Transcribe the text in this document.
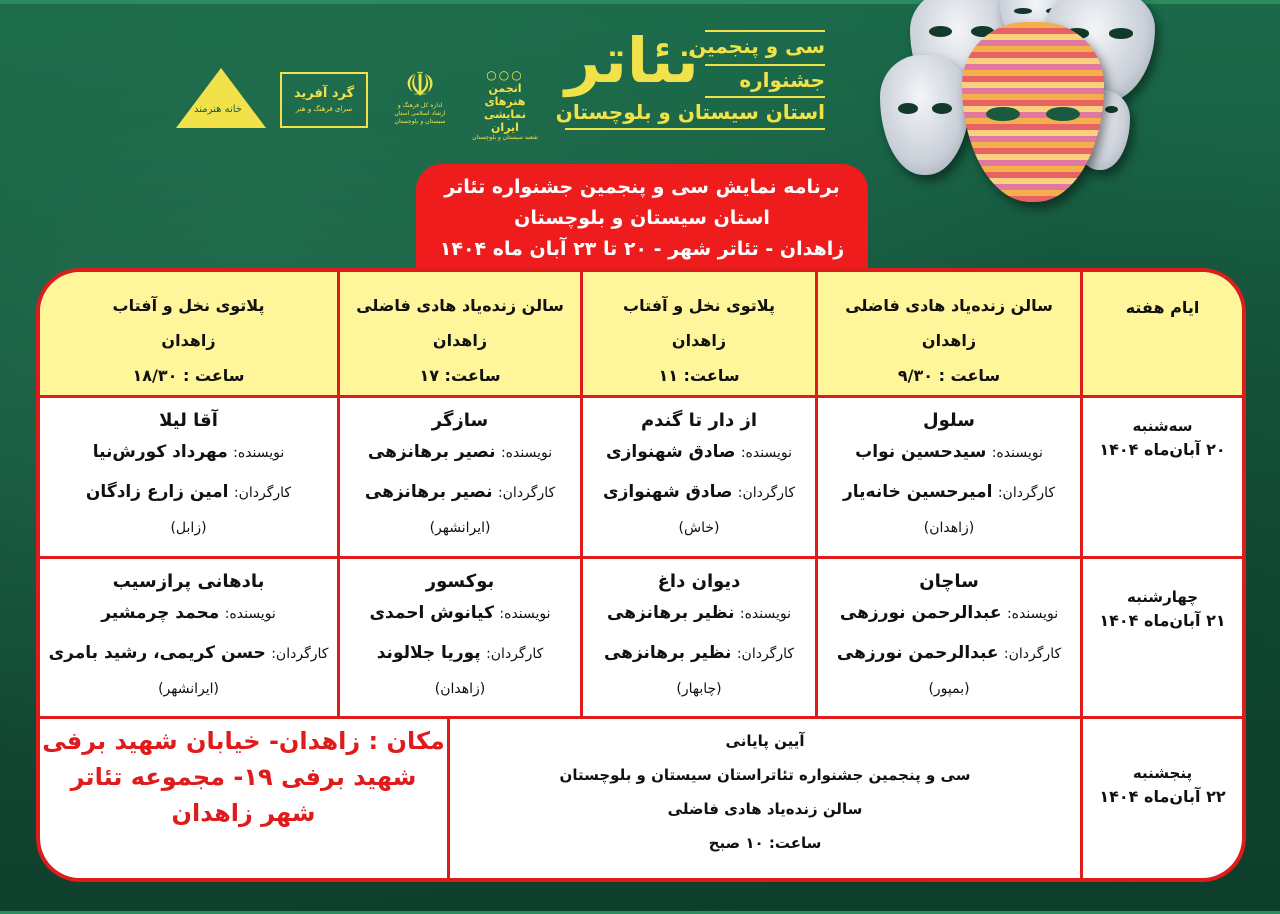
تئاتر
سی و پنجمین
جشنواره
استان سیستان و بلوچستان
خانه هنرمند
گرد آفرید
سرای فرهنگ و هنر
☫
اداره کل فرهنگ و ارشاد اسلامی استان سیستان و بلوچستان
○○○
انجمن هنرهای نمایشی ایران
شعبه سیستان و بلوچستان
برنامه نمایش سی و پنجمین جشنواره تئاتر
استان سیستان و بلوچستان
زاهدان - تئاتر شهر - ۲۰ تا ۲۳ آبان ماه ۱۴۰۴
ایام هفته
سالن زنده‌یاد هادی فاضلی
زاهدان
ساعت : ۹/۳۰
پلاتوی نخل و آفتاب
زاهدان
ساعت: ۱۱
سالن زنده‌یاد هادی فاضلی
زاهدان
ساعت: ۱۷
پلاتوی نخل و آفتاب
زاهدان
ساعت : ۱۸/۳۰
سه‌شنبه
۲۰ آبان‌ماه ۱۴۰۴
سلول
نویسنده: سیدحسین نواب
کارگردان: امیرحسین خانه‌یار
(زاهدان)
از دار تا گندم
نویسنده: صادق شهنوازی
کارگردان: صادق شهنوازی
(خاش)
سازگر
نویسنده: نصیر برهانزهی
کارگردان: نصیر برهانزهی
(ایرانشهر)
آقا لیلا
نویسنده: مهرداد کورش‌نیا
کارگردان: امین زارع زادگان
(زابل)
چهارشنبه
۲۱ آبان‌ماه ۱۴۰۴
ساچان
نویسنده: عبدالرحمن نورزهی
کارگردان: عبدالرحمن نورزهی
(بمپور)
دیوان داغ
نویسنده: نظیر برهانزهی
کارگردان: نظیر برهانزهی
(چابهار)
بوکسور
نویسنده: کیانوش احمدی
کارگردان: پوریا جلالوند
(زاهدان)
بادهانی پرازسیب
نویسنده: محمد چرمشیر
کارگردان: حسن کریمی، رشید بامری
(ایرانشهر)
پنجشنبه
۲۲ آبان‌ماه ۱۴۰۴
آیین پایانی
سی و پنجمین جشنواره تئاتراستان سیستان و بلوچستان
سالن زنده‌یاد هادی فاضلی
ساعت: ۱۰ صبح
مکان : زاهدان- خیابان شهید برفی
شهید برفی ۱۹- مجموعه تئاتر شهر زاهدان
